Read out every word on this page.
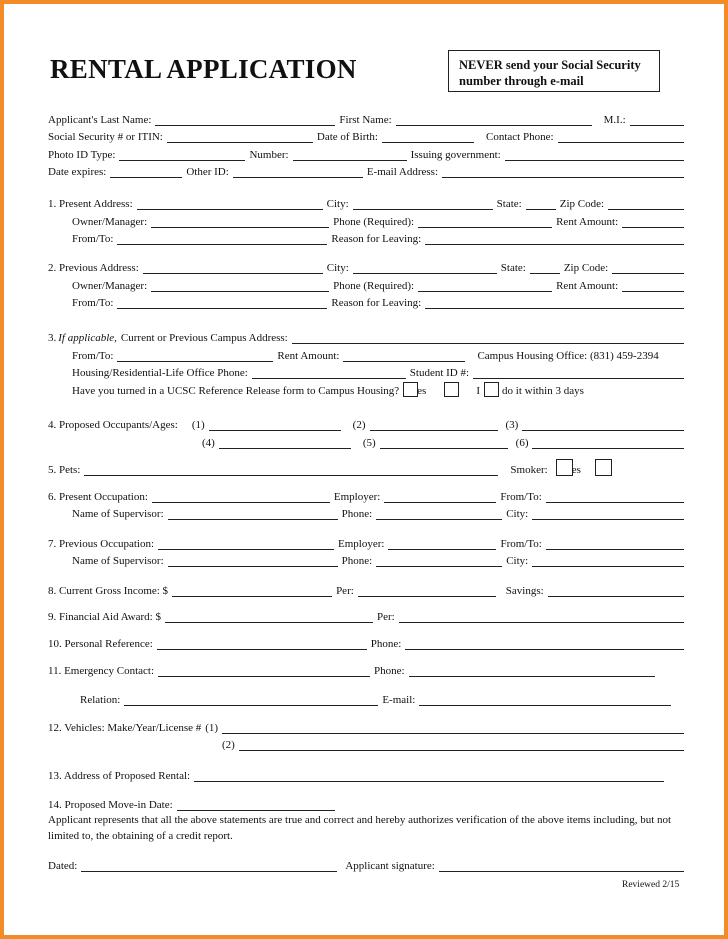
RENTAL APPLICATION	NEVER send your Social Security
number through e-mail
Applicant's Last Name:	First Name:	M.I.:
Social Security # or ITIN:	Date of Birth:	Contact Phone:
Photo ID Type:	Number:	Issuing government:
Date expires:	Other ID:	E-mail Address:
1. Present Address:	City:	State:	Zip Code:
Owner/Manager:	Phone (Required):	Rent Amount:
From/To:	Reason for Leaving:
2. Previous Address:	City:	State:	Zip Code:
Owner/Manager:	Phone (Required):	Rent Amount:
From/To:	Reason for Leaving:
3. If applicable, Current or Previous Campus Address:
From/To:	Rent Amount:	Campus Housing Office: (831) 459-2394
Housing/Residential-Life Office Phone:	Student ID #:
Have you turned in a UCSC Reference Release form to Campus Housing? es	I	do it within 3 days
4. Proposed Occupants/Ages:	(1)	(2)	(3)
(4)	(5)	(6)
5. Pets:	Smoker:	es
6. Present Occupation:	Employer:	From/To:
Name of Supervisor:	Phone:	City:
7. Previous Occupation:	Employer:	From/To:
Name of Supervisor:	Phone:	City:
8. Current Gross Income: $	Per:	Savings:
9. Financial Aid Award: $	Per:
10. Personal Reference:	Phone:
11. Emergency Contact:	Phone:
Relation:	E-mail:
12. Vehicles: Make/Year/License # (1)
(2)
13. Address of Proposed Rental:
14. Proposed Move-in Date:
Applicant represents that all the above statements are true and correct and hereby authorizes verification of the above items including, but not limited to, the obtaining of a credit report.
Dated:	Applicant signature:
Reviewed 2/15
